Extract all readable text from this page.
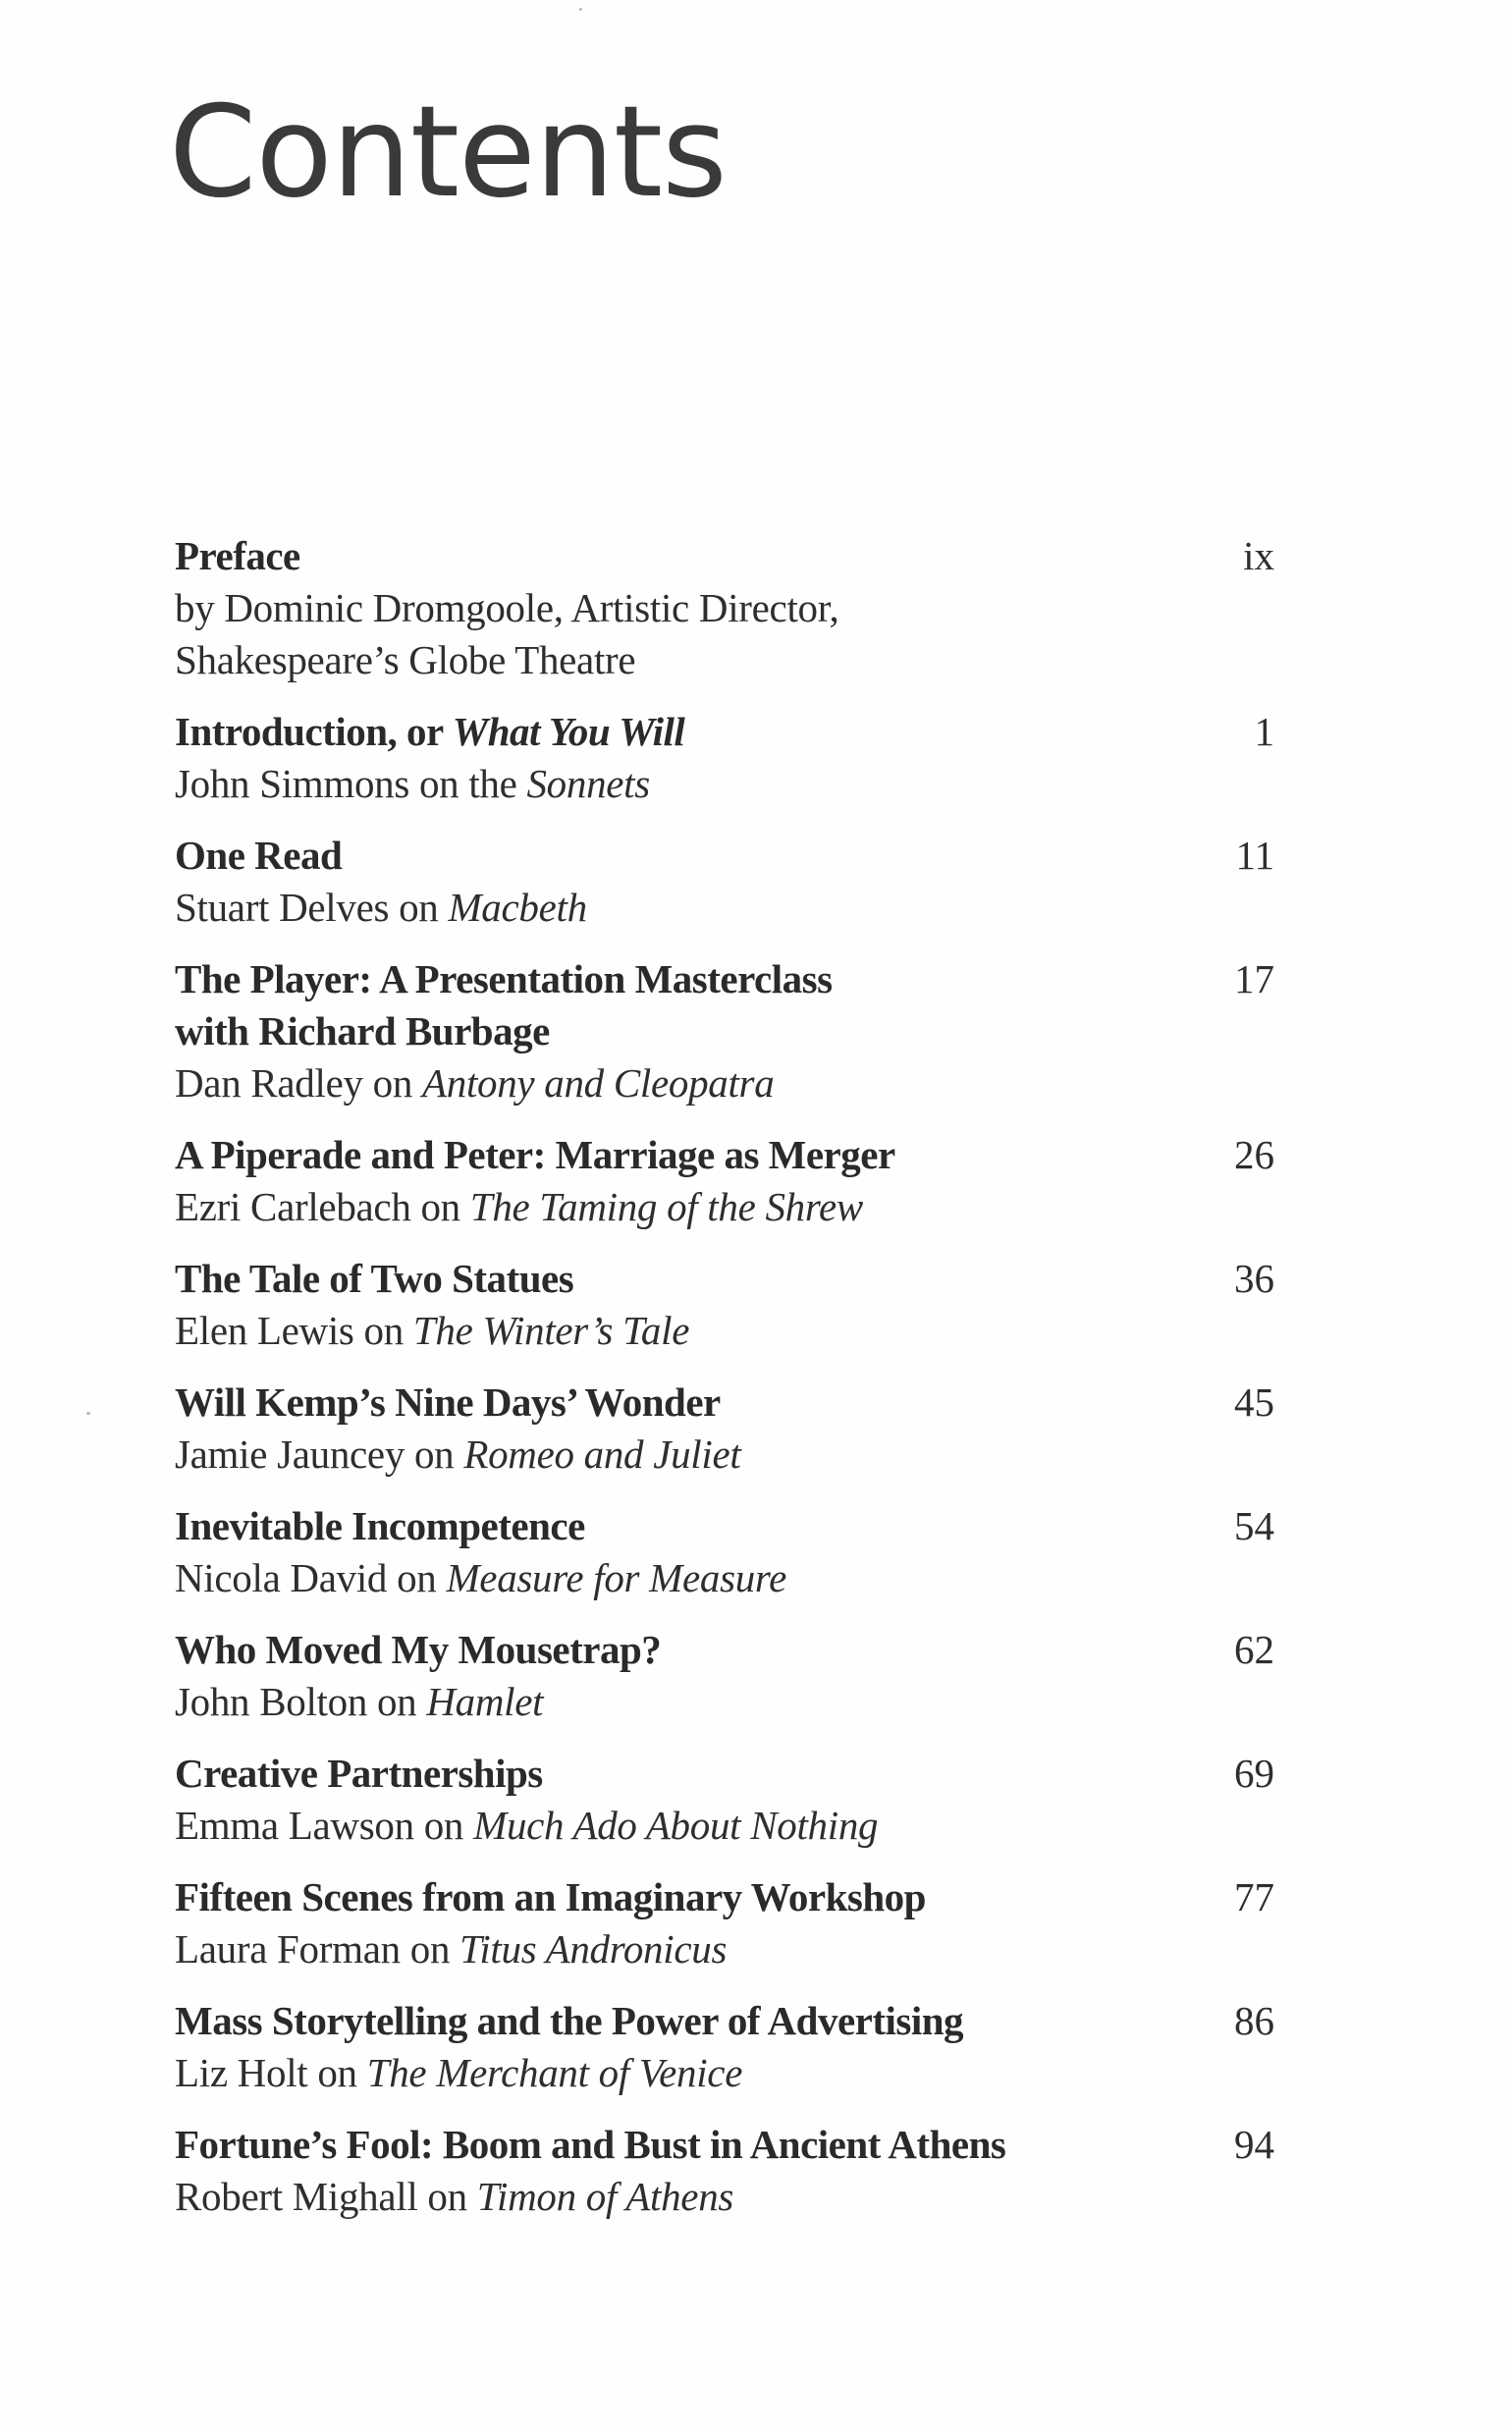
Contents
Preface
by Dominic Dromgoole, Artistic Director,
Shakespeare’s Globe Theatre
ix
Introduction, or What You Will
John Simmons on the Sonnets
1
One Read
Stuart Delves on Macbeth
11
The Player: A Presentation Masterclass
with Richard Burbage
Dan Radley on Antony and Cleopatra
17
A Piperade and Peter: Marriage as Merger
Ezri Carlebach on The Taming of the Shrew
26
The Tale of Two Statues
Elen Lewis on The Winter’s Tale
36
Will Kemp’s Nine Days’ Wonder
Jamie Jauncey on Romeo and Juliet
45
Inevitable Incompetence
Nicola David on Measure for Measure
54
Who Moved My Mousetrap?
John Bolton on Hamlet
62
Creative Partnerships
Emma Lawson on Much Ado About Nothing
69
Fifteen Scenes from an Imaginary Workshop
Laura Forman on Titus Andronicus
77
Mass Storytelling and the Power of Advertising
Liz Holt on The Merchant of Venice
86
Fortune’s Fool: Boom and Bust in Ancient Athens
Robert Mighall on Timon of Athens
94
